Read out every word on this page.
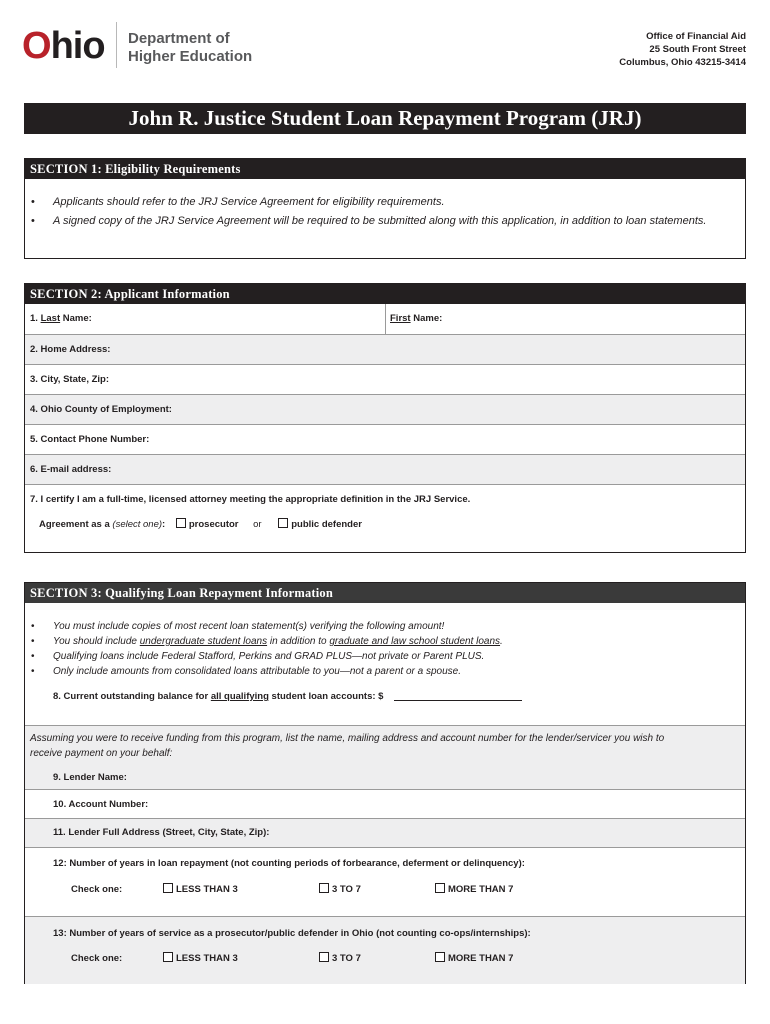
Ohio Department of
Higher Education
Office of Financial Aid
25 South Front Street
Columbus, Ohio 43215-3414
John R. Justice Student Loan Repayment Program (JRJ)
SECTION 1: Eligibility Requirements
• Applicants should refer to the JRJ Service Agreement for eligibility requirements.
• A signed copy of the JRJ Service Agreement will be required to be submitted along with this application, in addition to loan statements.
SECTION 2: Applicant Information
1. Last Name:	First Name:
2. Home Address:
3. City, State, Zip:
4. Ohio County of Employment:
5. Contact Phone Number:
6. E-mail address:
7. I certify I am a full-time, licensed attorney meeting the appropriate definition in the JRJ Service.
Agreement as a (select one): prosecutor or	public defender
SECTION 3: Qualifying Loan Repayment Information
• You must include copies of most recent loan statement(s) verifying the following amount!
• You should include undergraduate student loans in addition to graduate and law school student loans.
• Qualifying loans include Federal Stafford, Perkins and GRAD PLUS—not private or Parent PLUS.
• Only include amounts from consolidated loans attributable to you—not a parent or a spouse.
8. Current outstanding balance for all qualifying student loan accounts: $
Assuming you were to receive funding from this program, list the name, mailing address and account number for the lender/servicer you wish to
receive payment on your behalf:
9. Lender Name:
10. Account Number:
11. Lender Full Address (Street, City, State, Zip):
12: Number of years in loan repayment (not counting periods of forbearance, deferment or delinquency):
Check one:	LESS THAN 3	3 TO 7	MORE THAN 7
13: Number of years of service as a prosecutor/public defender in Ohio (not counting co-ops/internships):
Check one:	LESS THAN 3	3 TO 7	MORE THAN 7
